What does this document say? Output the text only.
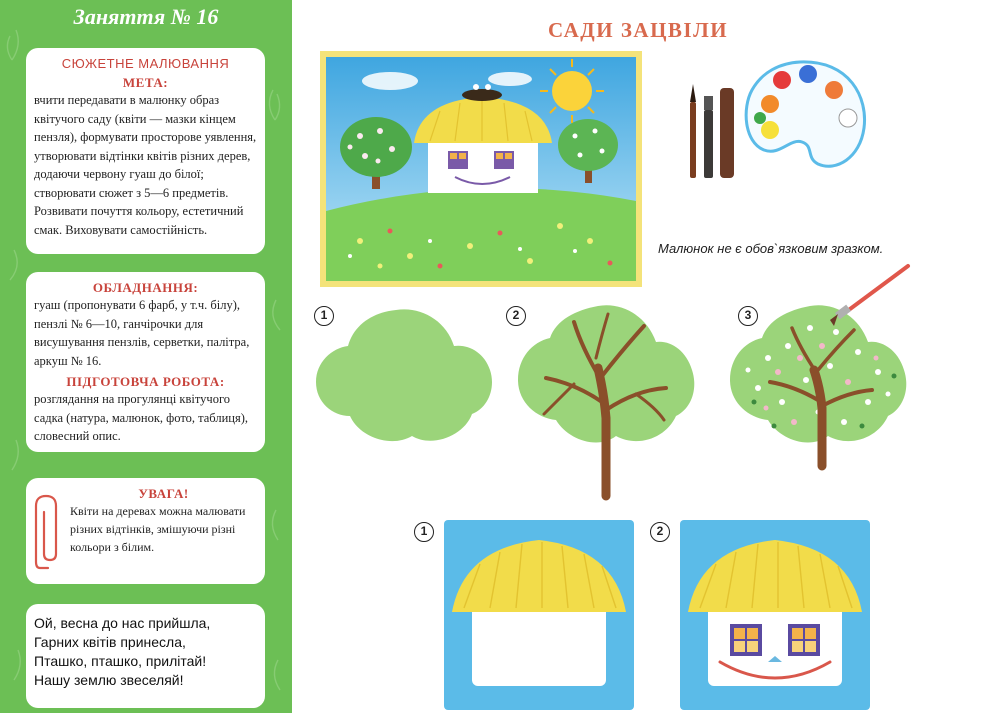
Заняття № 16
СЮЖЕТНЕ МАЛЮВАННЯ
МЕТА:
вчити передавати в малюнку образ квітучого саду (квіти — мазки кінцем пензля), формувати просторове уявлення, утворювати відтінки квітів різних дерев, додаючи червону гуаш до білої; створювати сюжет з 5—6 предметів. Розвивати почуття кольору, естетичний смак. Виховувати самостійність.
ОБЛАДНАННЯ:
гуаш (пропонувати 6 фарб, у т.ч. білу), пензлі № 6—10, ганчірочки для висушування пензлів, серветки, палітра, аркуш № 16.
ПІДГОТОВЧА РОБОТА:
розглядання на прогулянці квітучого садка (натура, малюнок, фото, таблиця), словесний опис.
УВАГА!
Квіти на деревах можна малювати різних відтінків, змішуючи різні кольори з білим.
Ой, весна до нас прийшла,
Гарних квітів принесла,
Пташко, пташко, прилітай!
Нашу землю звеселяй!
САДИ ЗАЦВІЛИ
Малюнок не є обов`язковим зразком.
1	2	3
1	2
